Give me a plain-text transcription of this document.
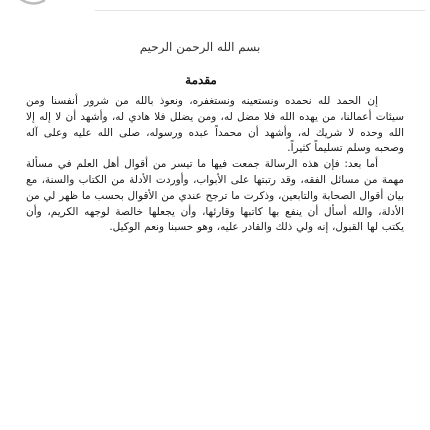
بسم الله الرحمن الرحيم
مقدمة

إن الحمد لله نحمده ونستعينه ونستغفره، ونعوذ بالله من شرور أنفسنا ومن سيئات أعمالنا، من يهده الله فلا مضل له، ومن يضلل فلا هادي له، وأشهد أن لا إله إلا الله وحده لا شريك له، وأشهد أن محمداً عبده ورسوله، صلى الله عليه وعلى آله وصحبه وسلم تسليماً كثيراً.

أما بعد: فإن هذه الرسالة جمعت فيها ما تيسر من أقوال أهل العلم في مسألة مهمة من مسائل الفقه، وقد رتبتها على الأبواب، وأوردت الأدلة من الكتاب والسنة، مع بيان أقوال الصحابة والتابعين، وذكرت ما ترجح عندي من الأقوال بحسب ما ظهر لي من الأدلة، والله أسأل أن ينفع بها كاتبها وقارئها، وأن يجعلها خالصة لوجهه الكريم، وأن يكتب لها القبول، إنه ولي ذلك والقادر عليه، وهو حسبنا ونعم الوكيل.
